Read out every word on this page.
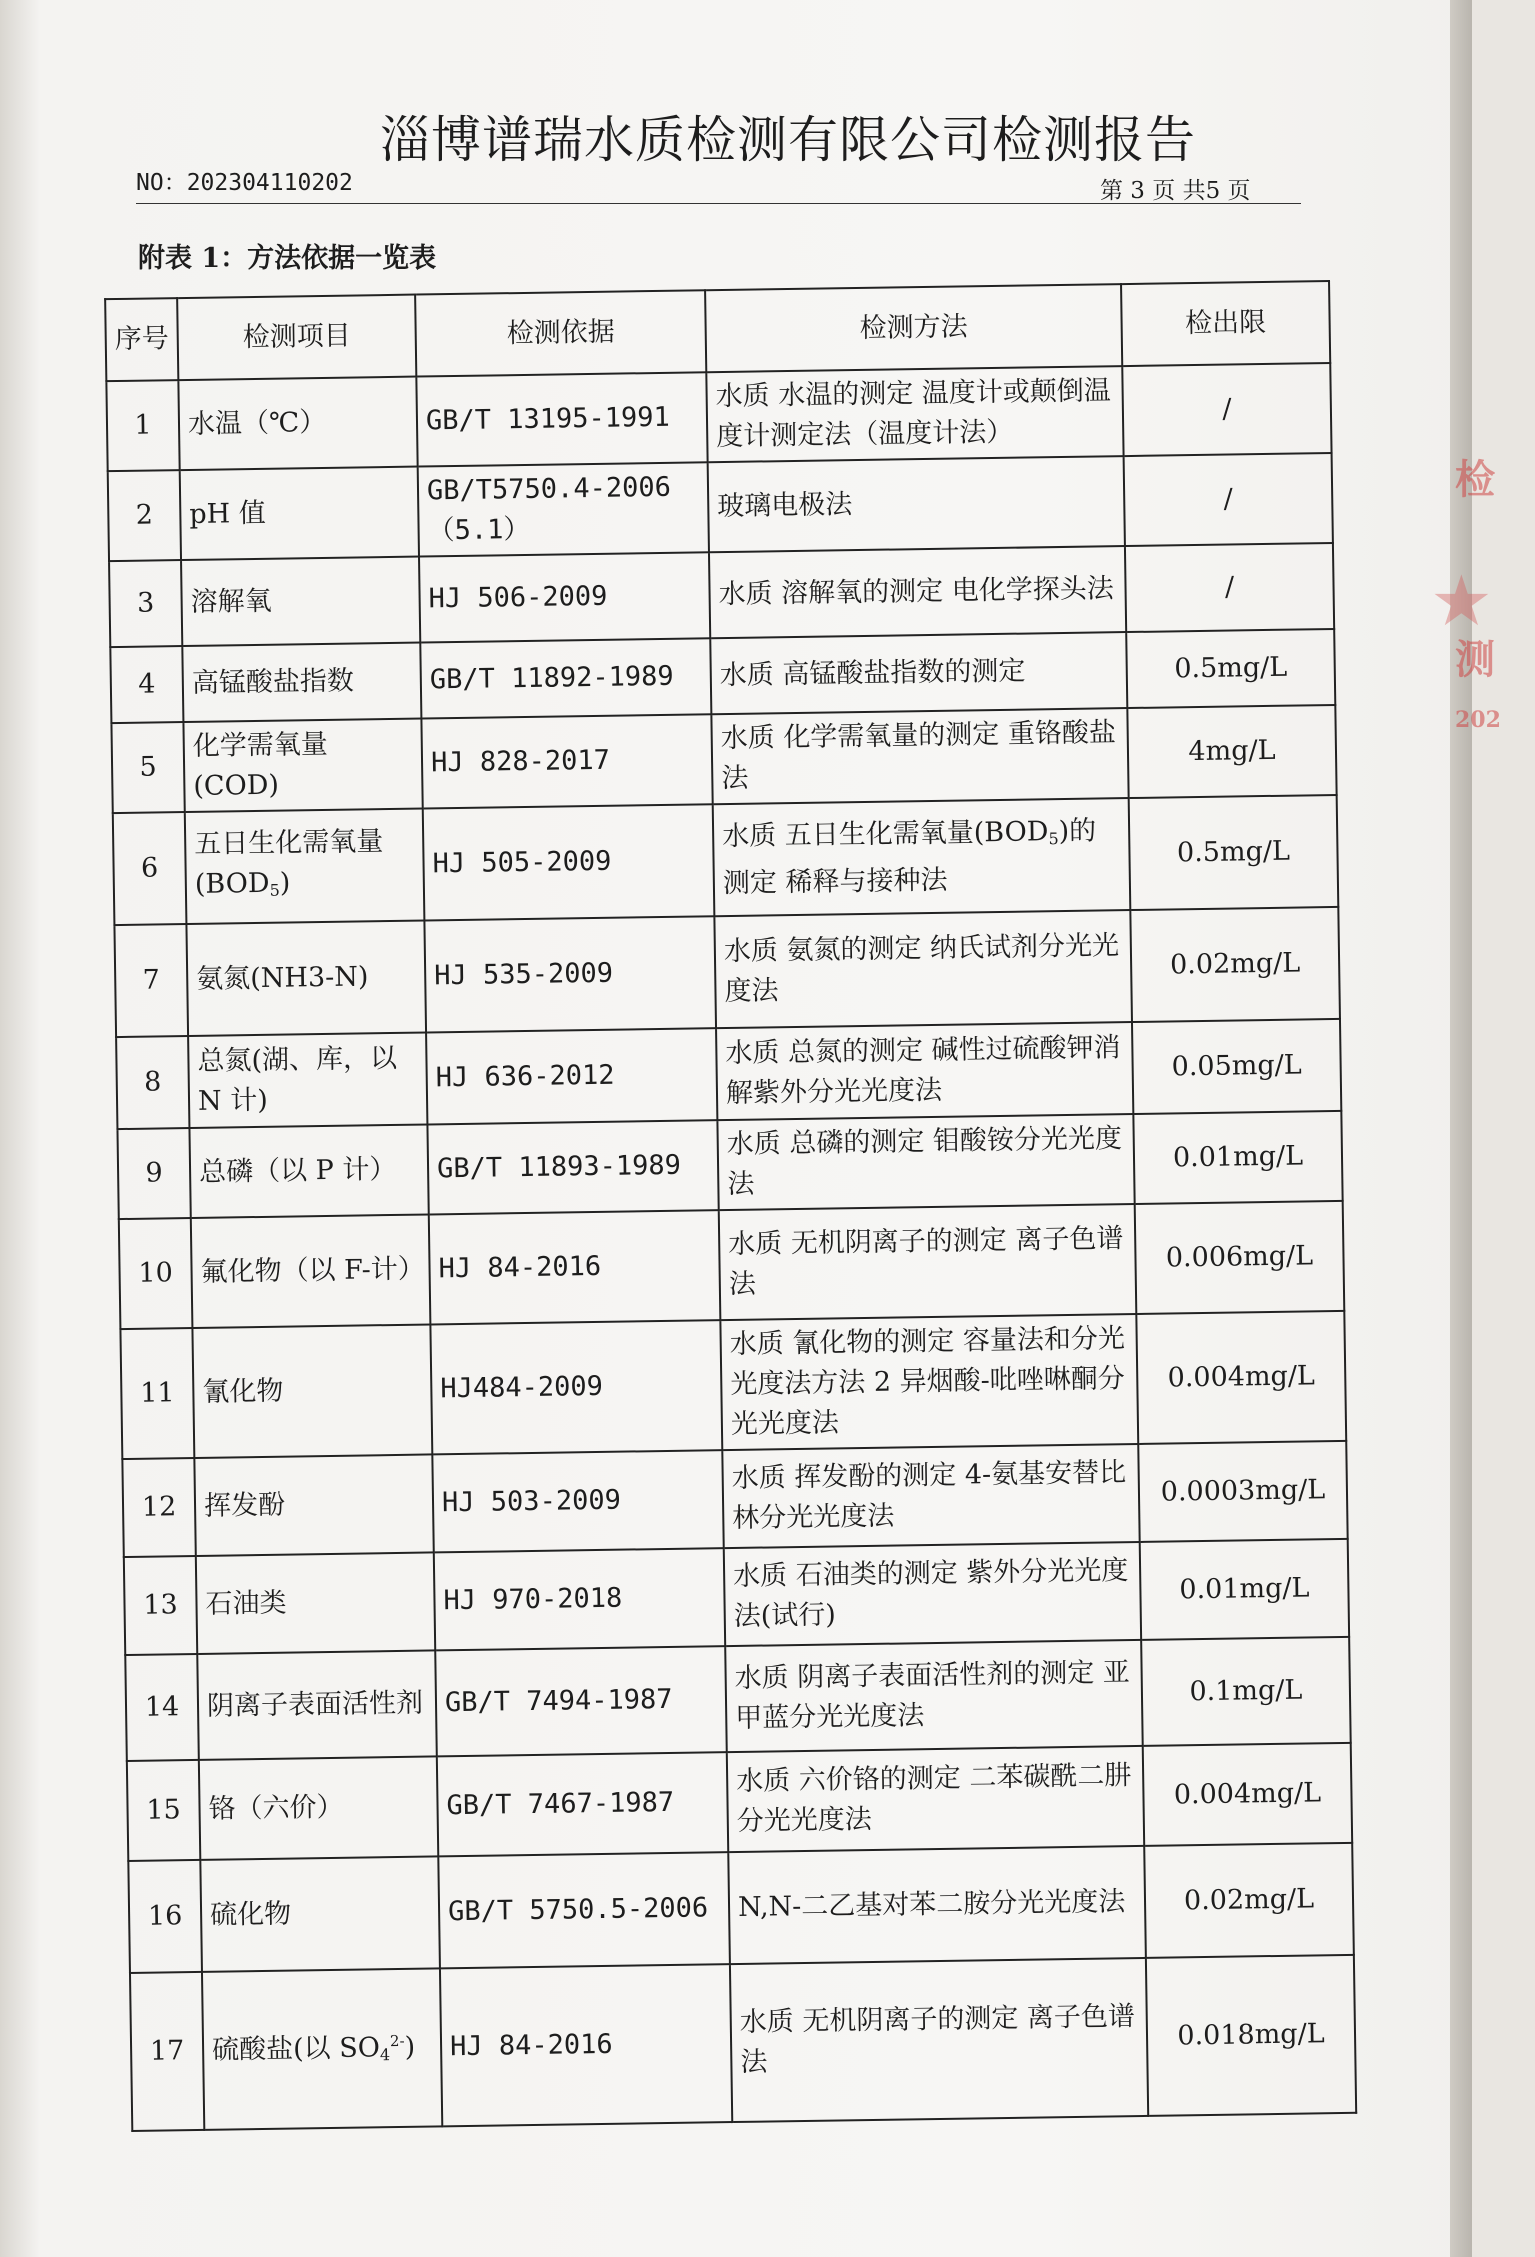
淄博谱瑞水质检测有限公司检测报告
NO：202304110202	第 3 页 共5 页
附表 1：方法依据一览表
序号	检测项目	检测依据	检测方法	检出限
1	水温（℃）	GB/T 13195-1991	水质 水温的测定 温度计或颠倒温度计测定法（温度计法）	/
2	pH 值	GB/T5750.4-2006 （5.1）	玻璃电极法	/
3	溶解氧	HJ 506-2009	水质 溶解氧的测定 电化学探头法	/
4	高锰酸盐指数	GB/T 11892-1989	水质 高锰酸盐指数的测定	0.5mg/L
5	化学需氧量(COD)	HJ 828-2017	水质 化学需氧量的测定 重铬酸盐法	4mg/L
6	五日生化需氧量$(BOD_5)$	HJ 505-2009	水质 五日生化需氧量$(BOD_5)$的测定 稀释与接种法	0.5mg/L
7	氨氮(NH3-N)	HJ 535-2009	水质 氨氮的测定 纳氏试剂分光光度法	0.02mg/L
8	总氮(湖、库，以 N 计)	HJ 636-2012	水质 总氮的测定 碱性过硫酸钾消解紫外分光光度法	0.05mg/L
9	总磷（以 P 计）	GB/T 11893-1989	水质 总磷的测定 钼酸铵分光光度法	0.01mg/L
10	氟化物（以 F-计）	HJ 84-2016	水质 无机阴离子的测定 离子色谱法	0.006mg/L
11	氰化物	HJ484-2009	水质 氰化物的测定 容量法和分光光度法方法 2 异烟酸-吡唑啉酮分光光度法	0.004mg/L
12	挥发酚	HJ 503-2009	水质 挥发酚的测定 4-氨基安替比林分光光度法	0.0003mg/L
13	石油类	HJ 970-2018	水质 石油类的测定 紫外分光光度法(试行)	0.01mg/L
14	阴离子表面活性剂	GB/T 7494-1987	水质 阴离子表面活性剂的测定 亚甲蓝分光光度法	0.1mg/L
15	铬（六价）	GB/T 7467-1987	水质 六价铬的测定 二苯碳酰二肼分光光度法	0.004mg/L
16	硫化物	GB/T 5750.5-2006	N,N-二乙基对苯二胺分光光度法	0.02mg/L
17	硫酸盐(以 $SO_4^{2-}$)	HJ 84-2016	水质 无机阴离子的测定 离子色谱法	0.018mg/L
检
测
202
★
